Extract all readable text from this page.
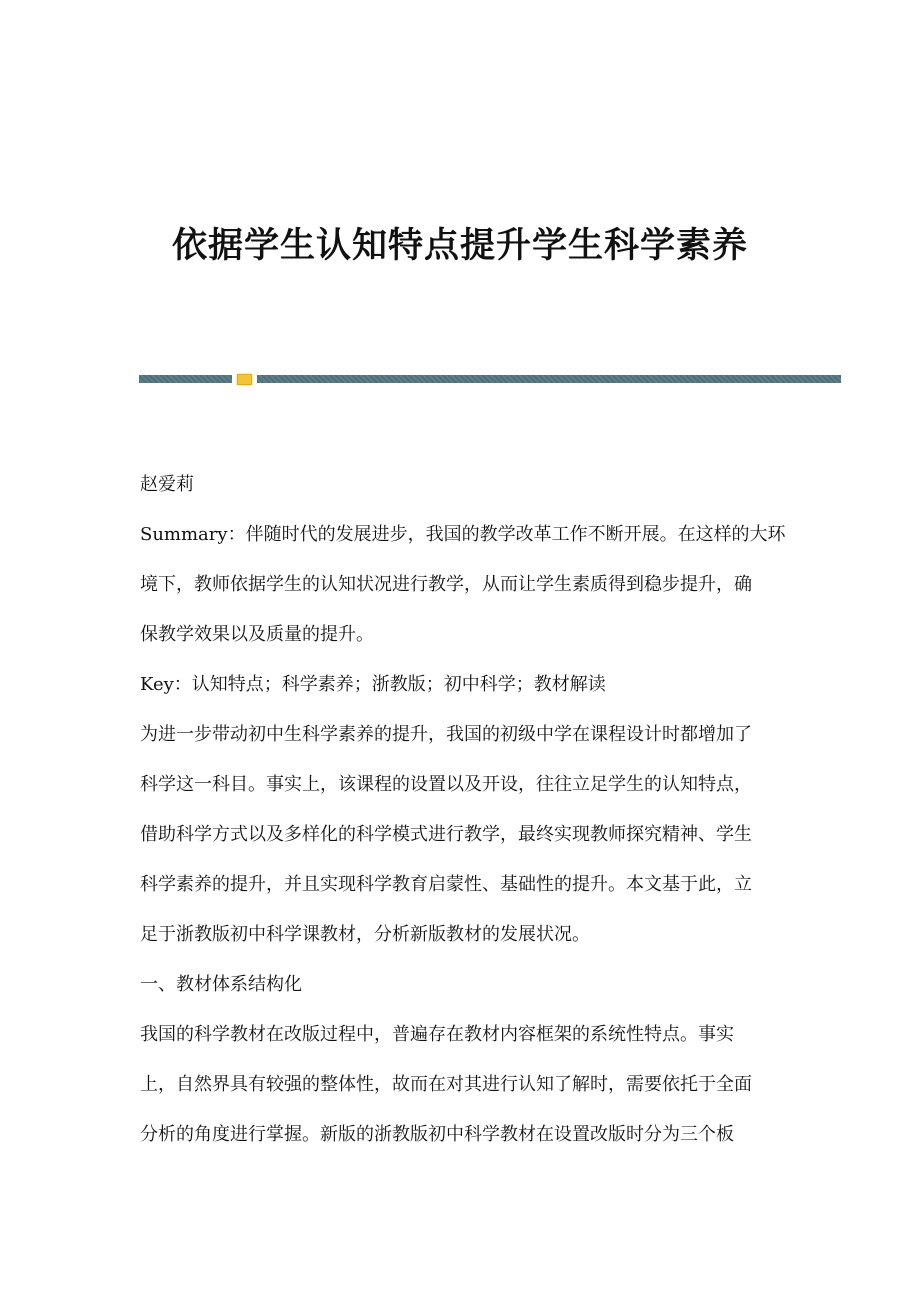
依据学生认知特点提升学生科学素养
赵爱莉
Summary：伴随时代的发展进步，我国的教学改革工作不断开展。在这样的大环
境下，教师依据学生的认知状况进行教学，从而让学生素质得到稳步提升，确
保教学效果以及质量的提升。
Key：认知特点；科学素养；浙教版；初中科学；教材解读
为进一步带动初中生科学素养的提升，我国的初级中学在课程设计时都增加了
科学这一科目。事实上，该课程的设置以及开设，往往立足学生的认知特点，
借助科学方式以及多样化的科学模式进行教学，最终实现教师探究精神、学生
科学素养的提升，并且实现科学教育启蒙性、基础性的提升。本文基于此，立
足于浙教版初中科学课教材，分析新版教材的发展状况。
一、教材体系结构化
我国的科学教材在改版过程中，普遍存在教材内容框架的系统性特点。事实
上，自然界具有较强的整体性，故而在对其进行认知了解时，需要依托于全面
分析的角度进行掌握。新版的浙教版初中科学教材在设置改版时分为三个板
